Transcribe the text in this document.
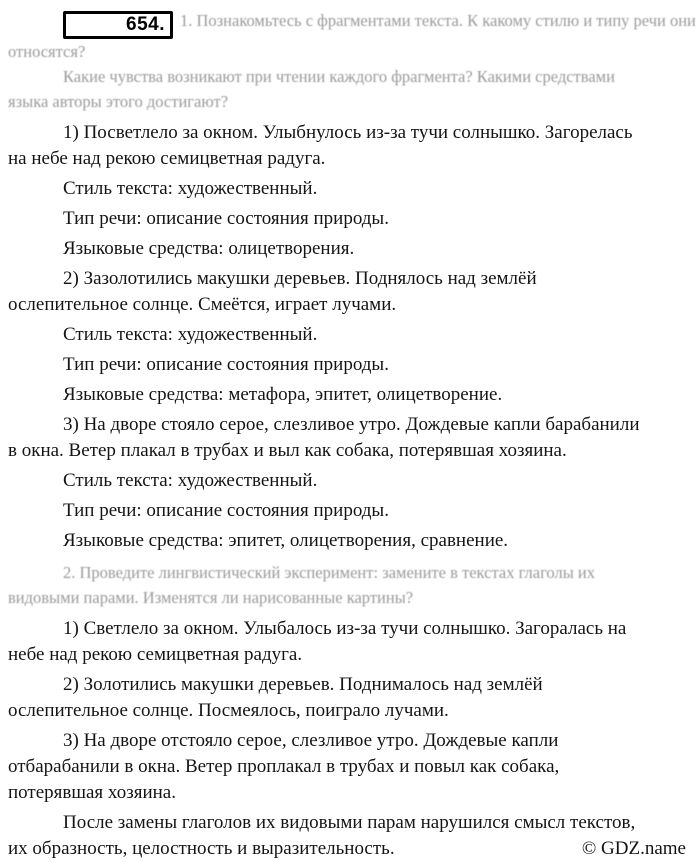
654. 1. Познакомьтесь с фрагментами текста. К какому стилю и типу речи они
относятся?
Какие чувства возникают при чтении каждого фрагмента? Какими средствами
языка авторы этого достигают?
1) Посветлело за окном. Улыбнулось из-за тучи солнышко. Загорелась
на небе над рекою семицветная радуга.
Стиль текста: художественный.
Тип речи: описание состояния природы.
Языковые средства: олицетворения.
2) Зазолотились макушки деревьев. Поднялось над землёй
ослепительное солнце. Смеётся, играет лучами.
Стиль текста: художественный.
Тип речи: описание состояния природы.
Языковые средства: метафора, эпитет, олицетворение.
3) На дворе стояло серое, слезливое утро. Дождевые капли барабанили
в окна. Ветер плакал в трубах и выл как собака, потерявшая хозяина.
Стиль текста: художественный.
Тип речи: описание состояния природы.
Языковые средства: эпитет, олицетворения, сравнение.
2. Проведите лингвистический эксперимент: замените в текстах глаголы их
видовыми парами. Изменятся ли нарисованные картины?
1) Светлело за окном. Улыбалось из-за тучи солнышко. Загоралась на
небе над рекою семицветная радуга.
2) Золотились макушки деревьев. Поднималось над землёй
ослепительное солнце. Посмеялось, поиграло лучами.
3) На дворе отстояло серое, слезливое утро. Дождевые капли
отбарабанили в окна. Ветер проплакал в трубах и повыл как собака,
потерявшая хозяина.
После замены глаголов их видовыми парам нарушился смысл текстов,
их образность, целостность и выразительность.	© GDZ.name
